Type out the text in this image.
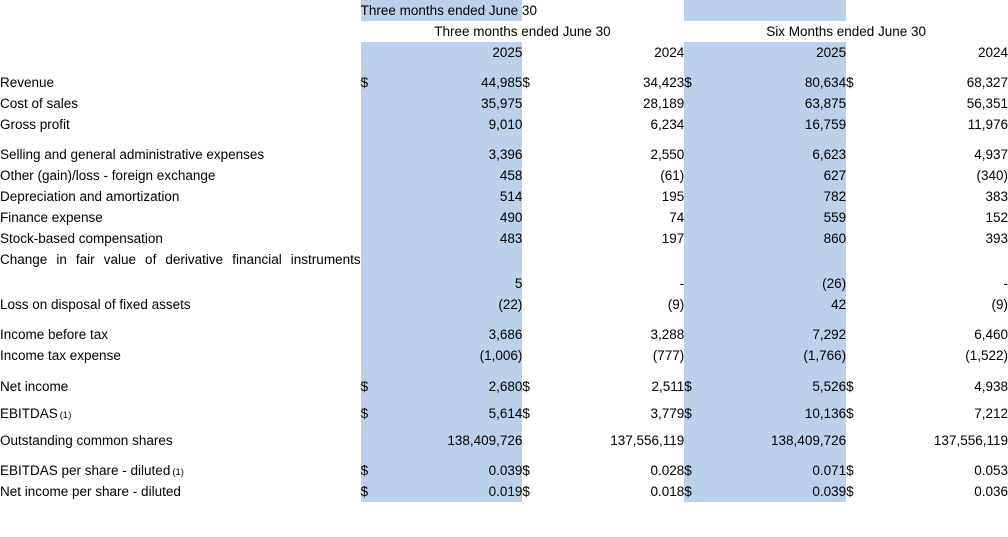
	Three months ended June 30							
	Three months ended June 30				Six Months ended June 30			
		2025		2024		2025		2024

Revenue	$	44,985	$	34,423	$	80,634	$	68,327
Cost of sales		35,975		28,189		63,875		56,351
Gross profit		9,010		6,234		16,759		11,976

Selling and general administrative expenses		3,396		2,550		6,623		4,937
Other (gain)/loss - foreign exchange		458		(61)		627		(340)
Depreciation and amortization		514		195		782		383
Finance expense		490		74		559		152
Stock-based compensation		483		197		860		393
Change in fair value of derivative financial instruments		5		-		(26)		-
Loss on disposal of fixed assets		(22)		(9)		42		(9)

Income before tax		3,686		3,288		7,292		6,460
Income tax expense		(1,006)		(777)		(1,766)		(1,522)

Net income	$	2,680	$	2,511	$	5,526	$	4,938

EBITDAS (1)	$	5,614	$	3,779	$	10,136	$	7,212

Outstanding common shares		138,409,726		137,556,119		138,409,726		137,556,119

EBITDAS per share - diluted (1)	$	0.039	$	0.028	$	0.071	$	0.053
Net income per share - diluted	$	0.019	$	0.018	$	0.039	$	0.036
